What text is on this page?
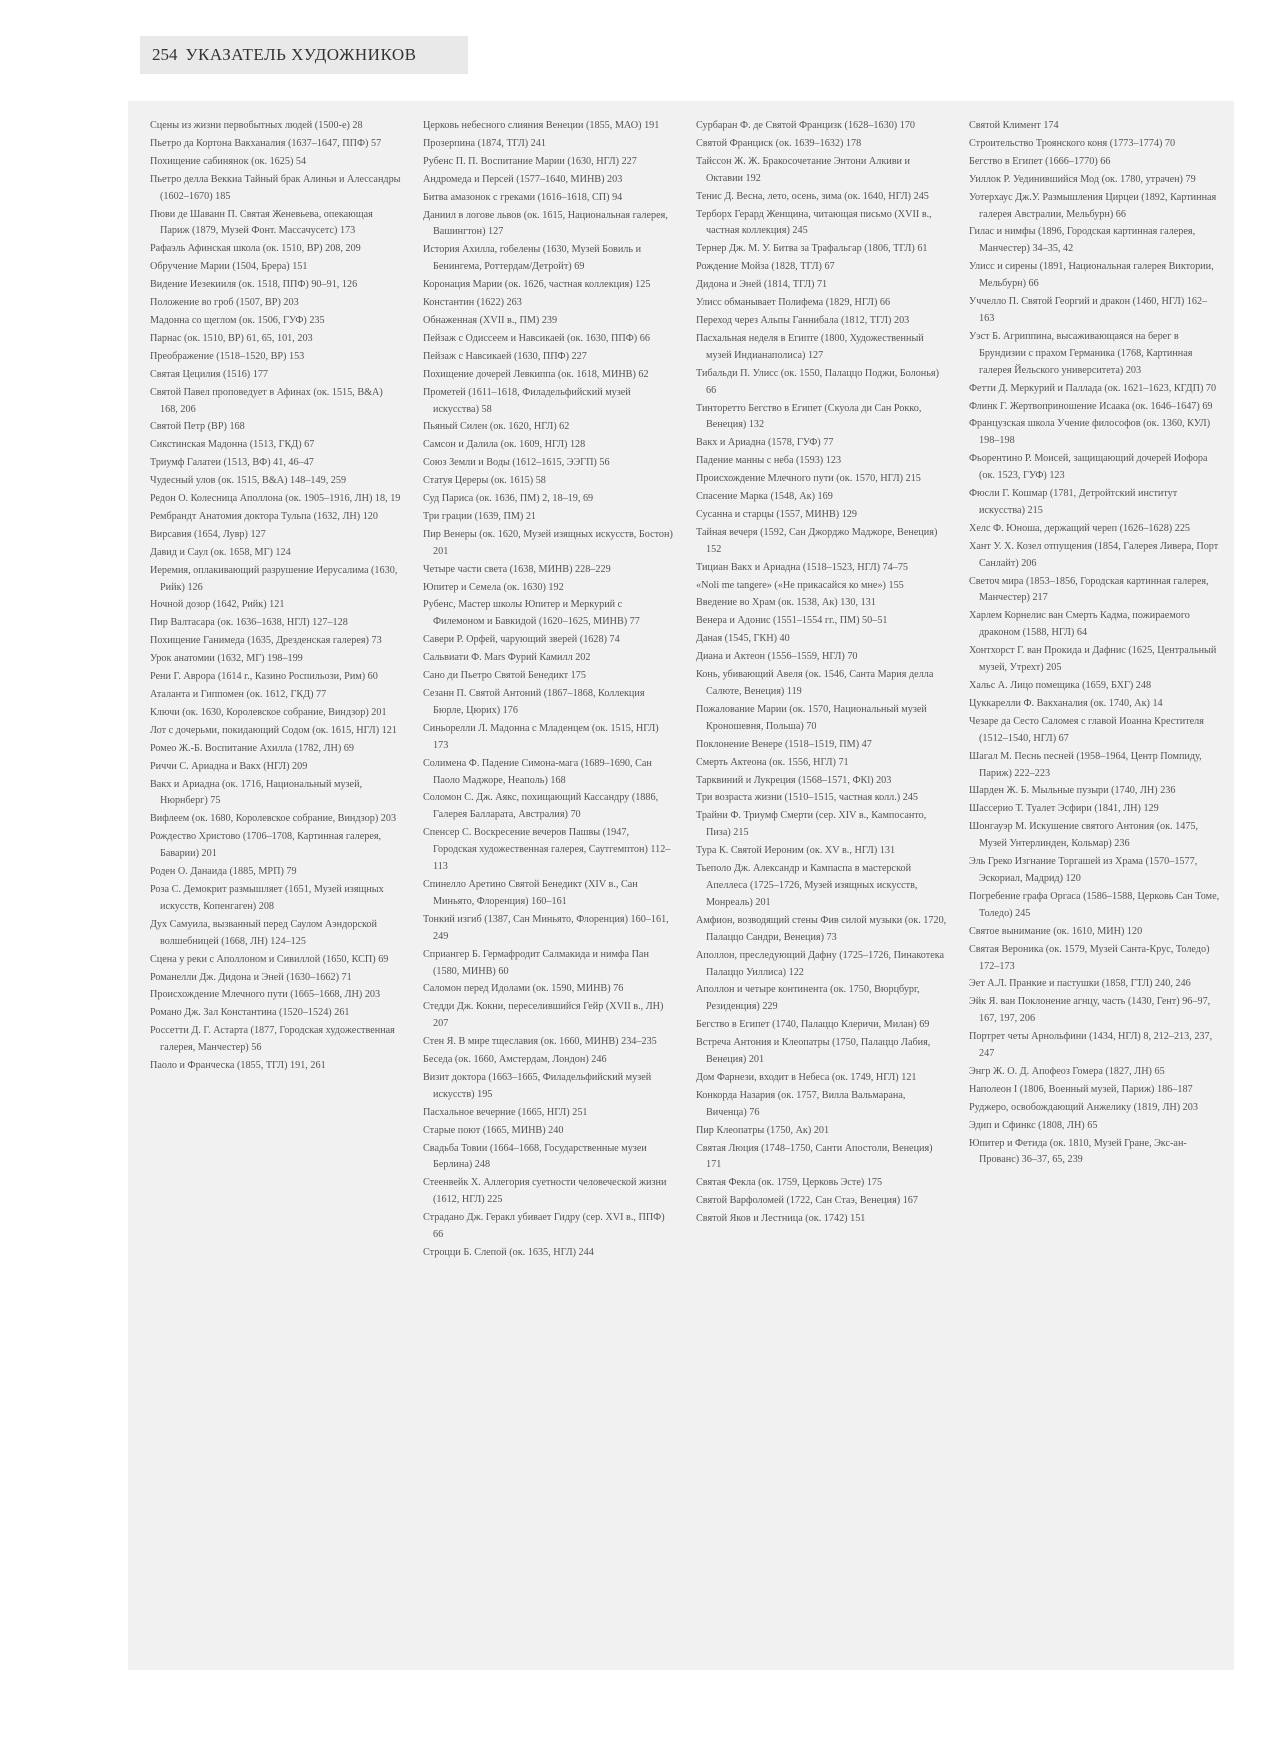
254 УКАЗАТЕЛЬ ХУДОЖНИКОВ
Сцены из жизни первобытных людей (1500-е) 28
Пьетро да Кортона Вакханалия (1637–1647, ППФ) 57
Похищение сабинянок (ок. 1625) 54
Пьетро делла Веккиа Тайный брак Алиньи и Алессандры (1602–1670) 185
Пюви де Шаванн П. Святая Женевьева, опекающая Париж (1879, Музей Фонт. Массачусетс) 173
Рафаэль Афинская школа (ок. 1510, ВР) 208, 209
Обручение Марии (1504, Брера) 151
Видение Иезекииля (ок. 1518, ППФ) 90–91, 126
Положение во гроб (1507, ВР) 203
Мадонна со щеглом (ок. 1506, ГУФ) 235
Парнас (ок. 1510, ВР) 61, 65, 101, 203
Преображение (1518–1520, ВР) 153
Святая Цецилия (1516) 177
Святой Павел проповедует в Афинах (ок. 1515, В&А) 168, 206
Святой Петр (ВР) 168
Сикстинская Мадонна (1513, ГКД) 67
Триумф Галатеи (1513, ВФ) 41, 46–47
Чудесный улов (ок. 1515, В&А) 148–149, 259
Редон О. Колесница Аполлона (ок. 1905–1916, ЛН) 18, 19
Рембрандт Анатомия доктора Тульпа (1632, ЛН) 120
Вирсавия (1654, Лувр) 127
Давид и Саул (ок. 1658, МГ) 124
Иеремия, оплакивающий разрушение Иерусалима (1630, Рийк) 126
Ночной дозор (1642, Рийк) 121
Пир Валтасара (ок. 1636–1638, НГЛ) 127–128
Похищение Ганимеда (1635, Дрезденская галерея) 73
Урок анатомии (1632, МГ) 198–199
Рени Г. Аврора (1614 г., Казино Роспильози, Рим) 60
Аталанта и Гиппомен (ок. 1612, ГКД) 77
Ключи (ок. 1630, Королевское собрание, Виндзор) 201
Лот с дочерьми, покидающий Содом (ок. 1615, НГЛ) 121
Ромео Ж.-Б. Воспитание Ахилла (1782, ЛН) 69
Риччи С. Ариадна и Вакх (НГЛ) 209
Вакх и Ариадна (ок. 1716, Национальный музей, Нюрнберг) 75
Вифлеем (ок. 1680, Королевское собрание, Виндзор) 203
Рождество Христово (1706–1708, Картинная галерея, Баварии) 201
Роден О. Данаида (1885, МРП) 79
Роза С. Демокрит размышляет (1651, Музей изящных искусств, Копенгаген) 208
Дух Самуила, вызванный перед Саулом Аэндорской волшебницей (1668, ЛН) 124–125
Сцена у реки с Аполлоном и Сивиллой (1650, КСП) 69
Романелли Дж. Дидона и Эней (1630–1662) 71
Происхождение Млечного пути (1665–1668, ЛН) 203
Романо Дж. Зал Константина (1520–1524) 261
Россетти Д. Г. Астарта (1877, Городская художественная галерея, Манчестер) 56
Паоло и Франческа (1855, ТГЛ) 191, 261
Церковь небесного слияния Венеции (1855, МАО) 191
Прозерпина (1874, ТГЛ) 241
Рубенс П. П. Воспитание Марии (1630, НГЛ) 227
Андромеда и Персей (1577–1640, МИНВ) 203
Битва амазонок с греками (1616–1618, СП) 94
Даниил в логове львов (ок. 1615, Национальная галерея, Вашингтон) 127
История Ахилла, гобелены (1630, Музей Бовиль и Бенингема, Роттердам/Детройт) 69
Коронация Марии (ок. 1626, частная коллекция) 125
Константин (1622) 263
Обнаженная (XVII в., ПМ) 239
Пейзаж с Одиссеем и Навсикаей (ок. 1630, ППФ) 66
Пейзаж с Навсикаей (1630, ППФ) 227
Похищение дочерей Левкиппа (ок. 1618, МИНВ) 62
Прометей (1611–1618, Филадельфийский музей искусства) 58
Пьяный Силен (ок. 1620, НГЛ) 62
Самсон и Далила (ок. 1609, НГЛ) 128
Союз Земли и Воды (1612–1615, ЭЭГП) 56
Статуя Цереры (ок. 1615) 58
Суд Париса (ок. 1636, ПМ) 2, 18–19, 69
Три грации (1639, ПМ) 21
Пир Венеры (ок. 1620, Музей изящных искусств, Бостон) 201
Четыре части света (1638, МИНВ) 228–229
Юпитер и Семела (ок. 1630) 192
Рубенс, Мастер школы Юпитер и Меркурий с Филемоном и Бавкидой (1620–1625, МИНВ) 77
Савери Р. Орфей, чарующий зверей (1628) 74
Сальвиати Ф. Мars Фурий Камилл 202
Сано ди Пьетро Святой Бенедикт 175
Сезанн П. Святой Антоний (1867–1868, Коллекция Бюрле, Цюрих) 176
Синьорелли Л. Мадонна с Младенцем (ок. 1515, НГЛ) 173
Солимена Ф. Падение Симона-мага (1689–1690, Сан Паоло Маджоре, Неаполь) 168
Соломон С. Дж. Аякс, похищающий Кассандру (1886, Галерея Балларата, Австралия) 70
Спенсер С. Воскресение вечеров Пашвы (1947, Городская художественная галерея, Саутгемптон) 112–113
Спинелло Аретино Святой Бенедикт (XIV в., Сан Миньято, Флоренция) 160–161
Тонкий изгиб (1387, Сан Миньято, Флоренция) 160–161, 249
Сприангер Б. Гермафродит Салмакида и нимфа Пан (1580, МИНВ) 60
Саломон перед Идолами (ок. 1590, МИНВ) 76
Стедди Дж. Кокни, переселившийся Гейр (XVII в., ЛН) 207
Стен Я. В мире тщеславия (ок. 1660, МИНВ) 234–235
Беседа (ок. 1660, Амстердам, Лондон) 246
Визит доктора (1663–1665, Филадельфийский музей искусств) 195
Пасхальное вечерние (1665, НГЛ) 251
Старые поют (1665, МИНВ) 240
Свадьба Товии (1664–1668, Государственные музеи Берлина) 248
Стеенвейк X. Аллегория суетности человеческой жизни (1612, НГЛ) 225
Страдано Дж. Геракл убивает Гидру (сер. XVI в., ППФ) 66
Строцци Б. Слепой (ок. 1635, НГЛ) 244
Сурбаран Ф. де Святой Францизк (1628–1630) 170
Святой Франциск (ок. 1639–1632) 178
Тайссон Ж. Ж. Бракосочетание Энтони Алкиви и Октавии 192
Тениc Д. Весна, лето, осень, зима (ок. 1640, НГЛ) 245
Терборх Герард Женщина, читающая письмо (XVII в., частная коллекция) 245
Тернер Дж. М. У. Битва за Трафальгар (1806, ТГЛ) 61
Рождение Мойза (1828, ТГЛ) 67
Дидона и Эней (1814, ТГЛ) 71
Улисс обманывает Полифема (1829, НГЛ) 66
Переход через Альпы Ганнибала (1812, ТГЛ) 203
Пасхальная неделя в Египте (1800, Художественный музей Индианаполиса) 127
Тибальди П. Улисс (ок. 1550, Палаццо Поджи, Болонья) 66
Тинторетто Бегство в Египет (Скуола ди Сан Рокко, Венеция) 132
Вакх и Ариадна (1578, ГУФ) 77
Падение манны с неба (1593) 123
Происхождение Млечного пути (ок. 1570, НГЛ) 215
Спасение Марка (1548, Ак) 169
Сусанна и старцы (1557, МИНВ) 129
Тайная вечеря (1592, Сан Джорджо Маджоре, Венеция) 152
Тициан Вакх и Ариадна (1518–1523, НГЛ) 74–75
«Noli me tangere» («Не прикасайся ко мне») 155
Введение во Храм (ок. 1538, Ак) 130, 131
Венера и Адонис (1551–1554 гг., ПМ) 50–51
Даная (1545, ГКН) 40
Диана и Актеон (1556–1559, НГЛ) 70
Конь, убивающий Авеля (ок. 1546, Санта Мария делла Салюте, Венеция) 119
Пожалование Марии (ок. 1570, Национальный музей Кроношевня, Польша) 70
Поклонение Венере (1518–1519, ПМ) 47
Смерть Актеона (ок. 1556, НГЛ) 71
Тарквиний и Лукреция (1568–1571, ФКl) 203
Три возраста жизни (1510–1515, частная колл.) 245
Трайни Ф. Триумф Смерти (сер. XIV в., Кампосанто, Пиза) 215
Тура К. Святой Иероним (ок. XV в., НГЛ) 131
Тьеполо Дж. Александр и Кампаспа в мастерской Апеллеса (1725–1726, Музей изящных искусств, Монреаль) 201
Амфион, возводящий стены Фив силой музыки (ок. 1720, Палаццо Сандри, Венеция) 73
Аполлон, преследующий Дафну (1725–1726, Пинакотека Палаццо Уиллиса) 122
Аполлон и четыре континента (ок. 1750, Вюрцбург, Резиденция) 229
Бегство в Египет (1740, Палаццо Клеричи, Милан) 69
Встреча Антония и Клеопатры (1750, Палаццо Лабия, Венеция) 201
Дом Фарнези, входит в Небеса (ок. 1749, НГЛ) 121
Конкорда Назария (ок. 1757, Вилла Вальмарана, Виченца) 76
Пир Клеопатры (1750, Ак) 201
Святая Люция (1748–1750, Санти Апостоли, Венеция) 171
Святая Фекла (ок. 1759, Церковь Эсте) 175
Святой Варфоломей (1722, Сан Стаэ, Венеция) 167
Святой Яков и Лестница (ок. 1742) 151
Святой Климент 174
Строительство Троянского коня (1773–1774) 70
Бегство в Египет (1666–1770) 66
Уиллок Р. Уединившийся Мод (ок. 1780, утрачен) 79
Уотерхаус Дж.У. Размышления Цирцеи (1892, Картинная галерея Австралии, Мельбурн) 66
Гилас и нимфы (1896, Городская картинная галерея, Манчестер) 34–35, 42
Улисс и сирены (1891, Национальная галерея Виктории, Мельбурн) 66
Уччелло П. Святой Георгий и дракон (1460, НГЛ) 162–163
Уэст Б. Агриппина, высаживающаяся на берег в Брундизии с прахом Германика (1768, Картинная галерея Йельского университета) 203
Фетти Д. Меркурий и Паллада (ок. 1621–1623, КГДП) 70
Флинк Г. Жертвоприношение Исаака (ок. 1646–1647) 69
Французская школа Учение философов (ок. 1360, КУЛ) 198–198
Фьорентино Р. Моисей, защищающий дочерей Иофора (ок. 1523, ГУФ) 123
Фюсли Г. Кошмар (1781, Детройтский институт искусства) 215
Хелс Ф. Юноша, держащий череп (1626–1628) 225
Хант У. Х. Козел отпущения (1854, Галерея Ливера, Порт Санлайт) 206
Светоч мира (1853–1856, Городская картинная галерея, Манчестер) 217
Харлем Корнелис ван Cмерть Кадма, пожираемого драконом (1588, НГЛ) 64
Хонтхорст Г. ван Прокида и Дафнис (1625, Центральный музей, Утрехт) 205
Хальс А. Лицо помещика (1659, БХГ) 248
Цуккарелли Ф. Вакханалия (ок. 1740, Ак) 14
Чезаре да Сесто Саломея с главой Иоанна Крестителя (1512–1540, НГЛ) 67
Шагал М. Песнь песней (1958–1964, Центр Помпиду, Париж) 222–223
Шарден Ж. Б. Мыльные пузыри (1740, ЛН) 236
Шассерио Т. Туалет Эсфири (1841, ЛН) 129
Шонгауэр М. Искушение святого Антония (ок. 1475, Музей Унтерлинден, Кольмар) 236
Эль Греко Изгнание Торгашей из Храма (1570–1577, Эскориал, Мадрид) 120
Погребение графа Оргаса (1586–1588, Церковь Сан Томе, Толедо) 245
Святое вынимание (ок. 1610, МИН) 120
Святая Вероника (ок. 1579, Музей Санта-Крус, Толедо) 172–173
Эет А.Л. Пранкие и пастушки (1858, ГТЛ) 240, 246
Эйк Я. ван Поклонение агнцу, часть (1430, Гент) 96–97, 167, 197, 206
Портрет четы Арнольфини (1434, НГЛ) 8, 212–213, 237, 247
Энгр Ж. О. Д. Апофеоз Гомера (1827, ЛН) 65
Наполеон I (1806, Военный музей, Париж) 186–187
Руджеро, освобождающий Анжелику (1819, ЛН) 203
Эдип и Сфинкс (1808, ЛН) 65
Юпитер и Фетида (ок. 1810, Музей Гране, Экс-ан-Прованс) 36–37, 65, 239
